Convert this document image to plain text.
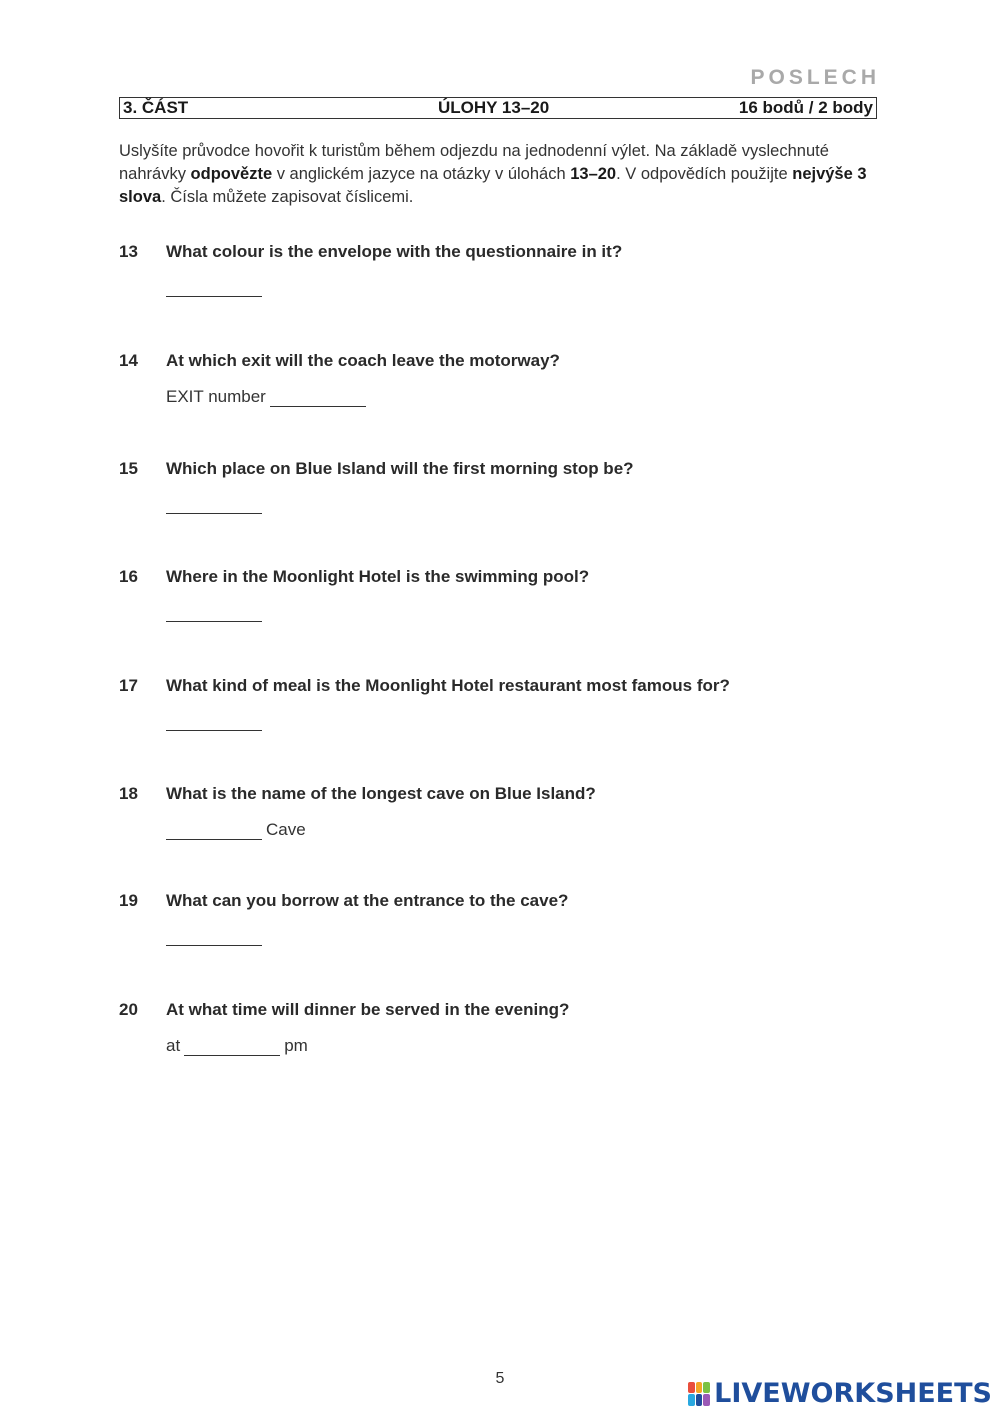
POSLECH
3. ČÁST	ÚLOHY 13–20	16 bodů / 2 body
Uslyšíte průvodce hovořit k turistům během odjezdu na jednodenní výlet. Na základě vyslechnuté nahrávky odpovězte v anglickém jazyce na otázky v úlohách 13–20. V odpovědích použijte nejvýše 3 slova. Čísla můžete zapisovat číslicemi.
13 What colour is the envelope with the questionnaire in it?
14 At which exit will the coach leave the motorway?
EXIT number
15 Which place on Blue Island will the first morning stop be?
16 Where in the Moonlight Hotel is the swimming pool?
17 What kind of meal is the Moonlight Hotel restaurant most famous for?
18 What is the name of the longest cave on Blue Island?
Cave
19 What can you borrow at the entrance to the cave?
20 At what time will dinner be served in the evening?
at	pm
5	LIVEWORKSHEETS
